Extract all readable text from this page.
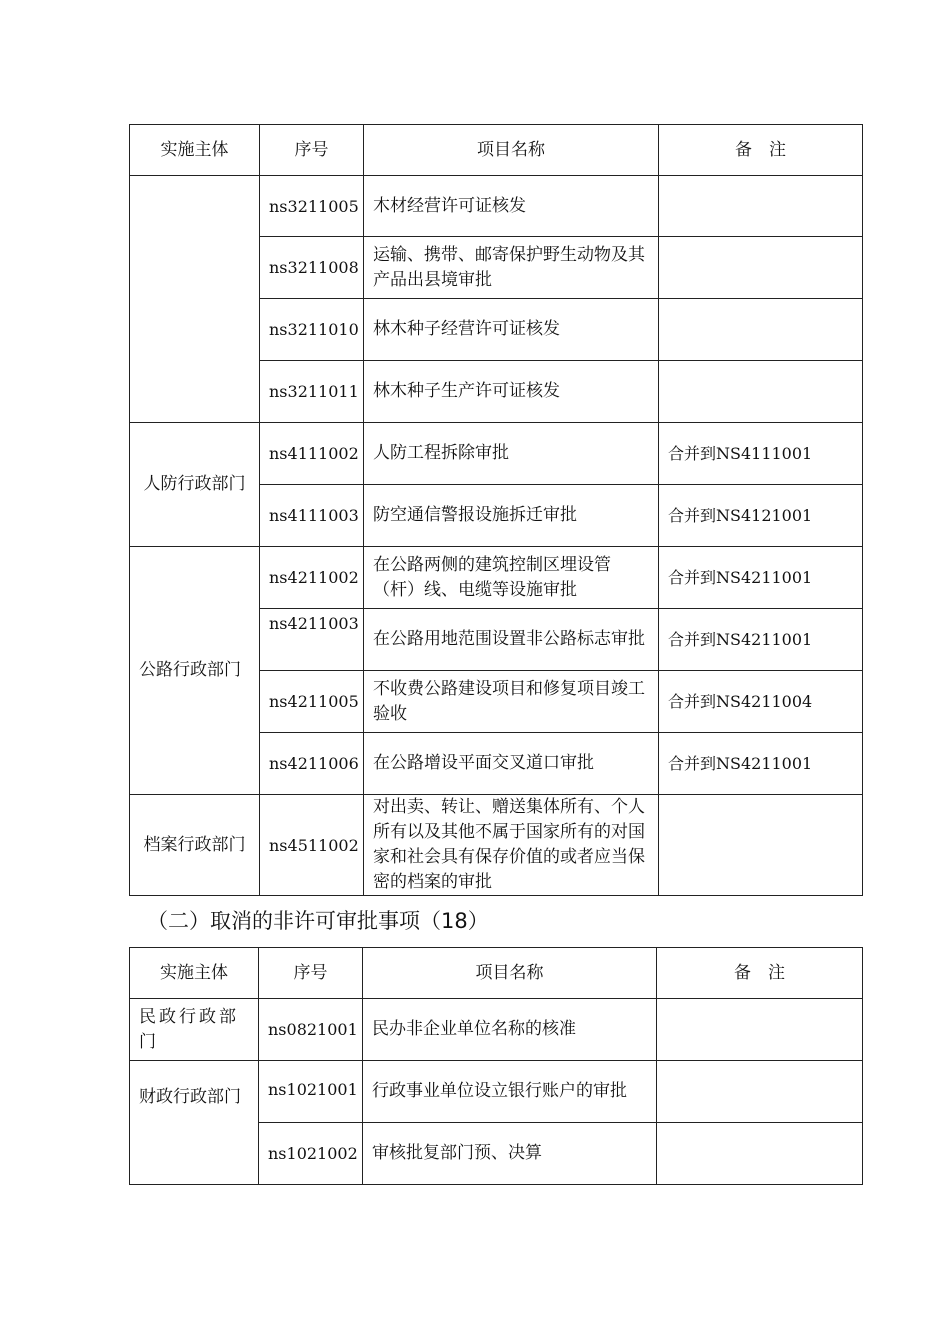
实施主体	序号	项目名称	备　注
	ns3211005	木材经营许可证核发	
	ns3211008	运输、携带、邮寄保护野生动物及其产品出县境审批	
	ns3211010	林木种子经营许可证核发	
	ns3211011	林木种子生产许可证核发	
人防行政部门	ns4111002	人防工程拆除审批	合并到NS4111001
	ns4111003	防空通信警报设施拆迁审批	合并到NS4121001
公路行政部门	ns4211002	在公路两侧的建筑控制区埋设管（杆）线、电缆等设施审批	合并到NS4211001
	ns4211003	在公路用地范围设置非公路标志审批	合并到NS4211001
	ns4211005	不收费公路建设项目和修复项目竣工验收	合并到NS4211004
	ns4211006	在公路增设平面交叉道口审批	合并到NS4211001
档案行政部门	ns4511002	对出卖、转让、赠送集体所有、个人所有以及其他不属于国家所有的对国家和社会具有保存价值的或者应当保密的档案的审批	
（二）取消的非许可审批事项（18）
实施主体	序号	项目名称	备　注
民政行政部门	ns0821001	民办非企业单位名称的核准	
财政行政部门	ns1021001	行政事业单位设立银行账户的审批	
	ns1021002	审核批复部门预、决算	
